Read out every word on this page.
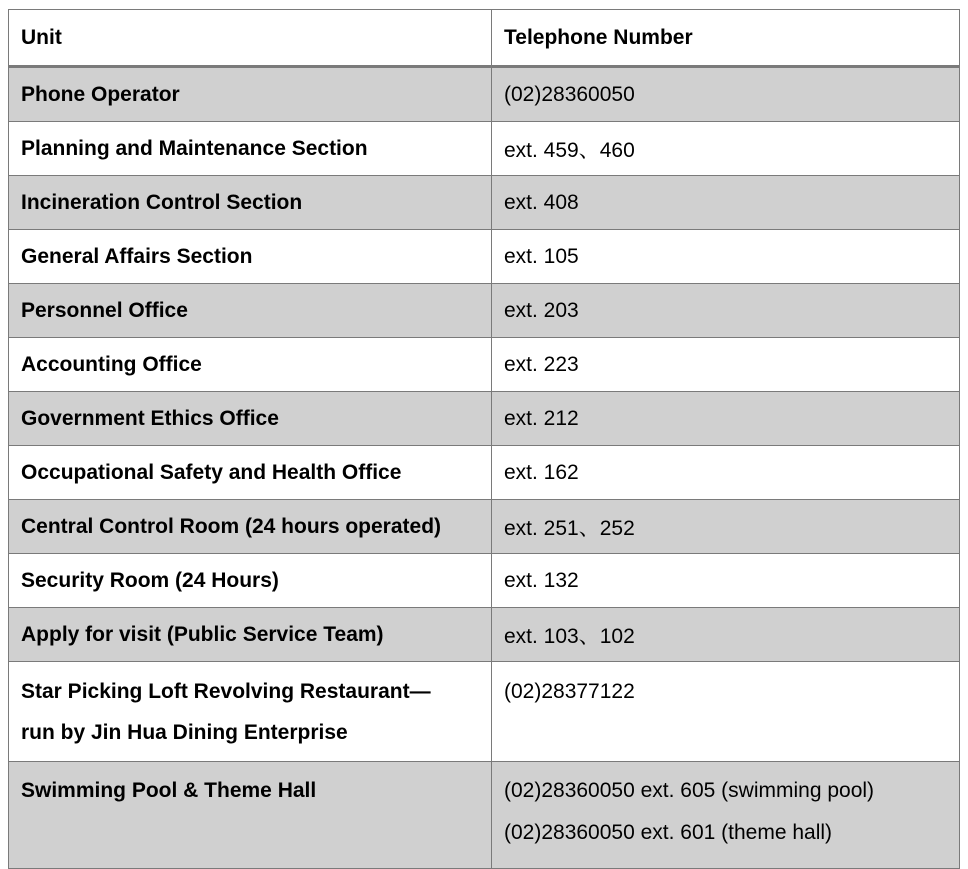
Unit	Telephone Number
Phone Operator	(02)28360050
Planning and Maintenance Section	ext. 459、460
Incineration Control Section	ext. 408
General Affairs Section	ext. 105
Personnel Office	ext. 203
Accounting Office	ext. 223
Government Ethics Office	ext. 212
Occupational Safety and Health Office	ext. 162
Central Control Room (24 hours operated)	ext. 251、252
Security Room (24 Hours)	ext. 132
Apply for visit (Public Service Team)	ext. 103、102

Star Picking Loft Revolving Restaurant—
run by Jin Hua Dining Enterprise	(02)28377122

Swimming Pool & Theme Hall	(02)28360050 ext. 605 (swimming pool)
(02)28360050 ext. 601 (theme hall)
